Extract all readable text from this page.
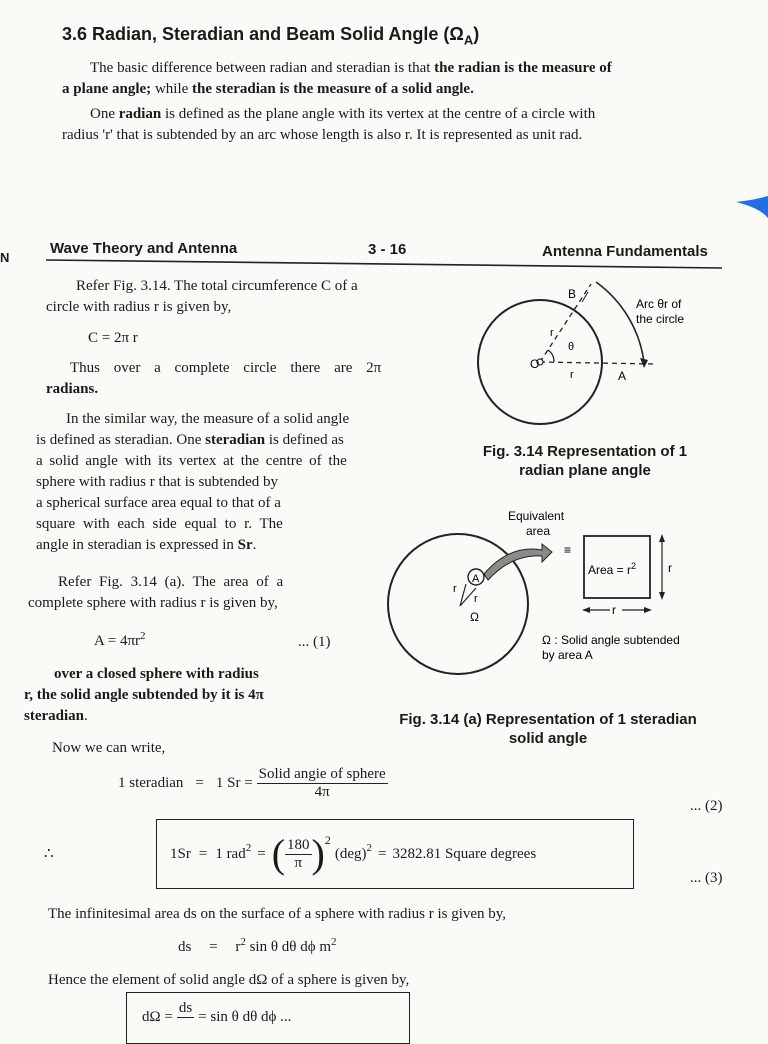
3.6 Radian, Steradian and Beam Solid Angle $(\Omega_A)$

The basic difference between radian and steradian is that the radian is the measure of

a plane angle; while the steradian is the measure of a solid angle.

One radian is defined as the plane angle with its vertex at the centre of a circle with

radius 'r' that is subtended by an arc whose length is also r. It is represented as unit rad.

N
Wave Theory and Antenna	3 - 16	Antenna Fundamentals

Refer Fig. 3.14. The total circumference C of a

circle with radius r is given by,

C = 2π r

Thus over a complete circle there are 2π

radians.

In the similar way, the measure of a solid angle

is defined as steradian. One steradian is defined as

a solid angle with its vertex at the centre of the

sphere with radius r that is subtended by

a spherical surface area equal to that of a

square with each side equal to r. The

angle in steradian is expressed in Sr.

Refer Fig. 3.14 (a). The area of a

complete sphere with radius r is given by,

$A = 4\pi r^2$	... (1)

over a closed sphere with radius

r, the solid angle subtended by it is 4π

steradian.

B
O
A
r
r
θ
Arc θr of
the circle
Fig. 3.14 Representation of 1
radian plane angle
Equivalent
area
≡
A
r
r
Ω
Area = $r^2$	r
r
Ω : Solid angle subtended
by area A
Fig. 3.14 (a) Representation of 1 steradian
solid angle
Now we can write,
1 steradian = 1 $Sr = \frac{\text{Solid angie of sphere}}{4\pi}$
... (2)
∴	1Sr = 1 rad$^2$ = ( $\frac{180}{\pi} )^2$
(deg)$^2$ = 3282.81 Square degrees
... (3)
The infinitesimal area ds on the surface of a sphere with radius r is given by,
ds = $r^2$ sin θ dθ dϕ $m^2$
Hence the element of solid angle dΩ of a sphere is given by,
dΩ =
ds

= sin θ dθ dϕ ...
